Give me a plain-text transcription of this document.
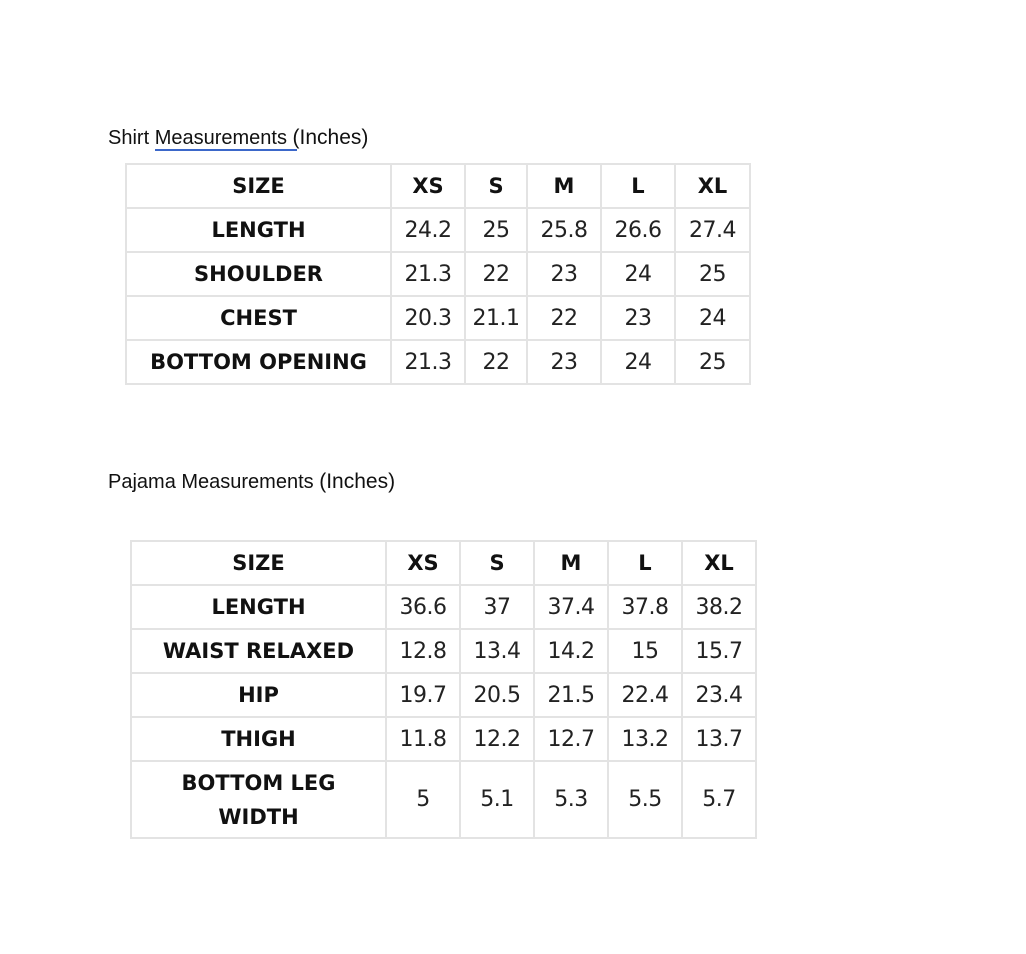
Shirt Measurements (Inches)
SIZE	XS	S	M	L	XL
LENGTH	24.2	25	25.8	26.6	27.4
SHOULDER	21.3	22	23	24	25
CHEST	20.3	21.1	22	23	24
BOTTOM OPENING	21.3	22	23	24	25
Pajama Measurements (Inches)
SIZE	XS	S	M	L	XL
LENGTH	36.6	37	37.4	37.8	38.2
WAIST RELAXED	12.8	13.4	14.2	15	15.7
HIP	19.7	20.5	21.5	22.4	23.4
THIGH	11.8	12.2	12.7	13.2	13.7
BOTTOM LEG WIDTH	5	5.1	5.3	5.5	5.7
